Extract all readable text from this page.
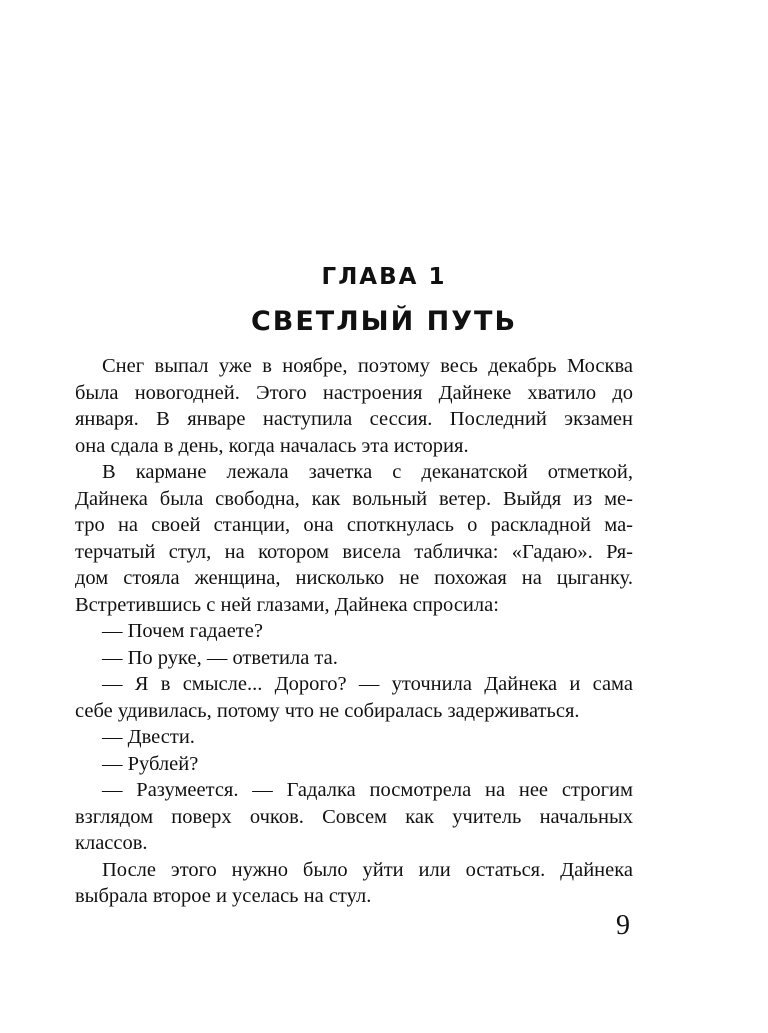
ГЛАВА 1
СВЕТЛЫЙ ПУТЬ
Снег выпал уже в ноябре, поэтому весь декабрь Москва
была новогодней. Этого настроения Дайнеке хватило до
января. В январе наступила сессия. Последний экзамен
она сдала в день, когда началась эта история.
В кармане лежала зачетка с деканатской отметкой,
Дайнека была свободна, как вольный ветер. Выйдя из ме-
тро на своей станции, она споткнулась о раскладной ма-
терчатый стул, на котором висела табличка: «Гадаю». Ря-
дом стояла женщина, нисколько не похожая на цыганку.
Встретившись с ней глазами, Дайнека спросила:
— Почем гадаете?
— По руке, — ответила та.
— Я в смысле... Дорого? — уточнила Дайнека и сама
себе удивилась, потому что не собиралась задерживаться.
— Двести.
— Рублей?
— Разумеется. — Гадалка посмотрела на нее строгим
взглядом поверх очков. Совсем как учитель начальных
классов.
После этого нужно было уйти или остаться. Дайнека
выбрала второе и уселась на стул.
9
